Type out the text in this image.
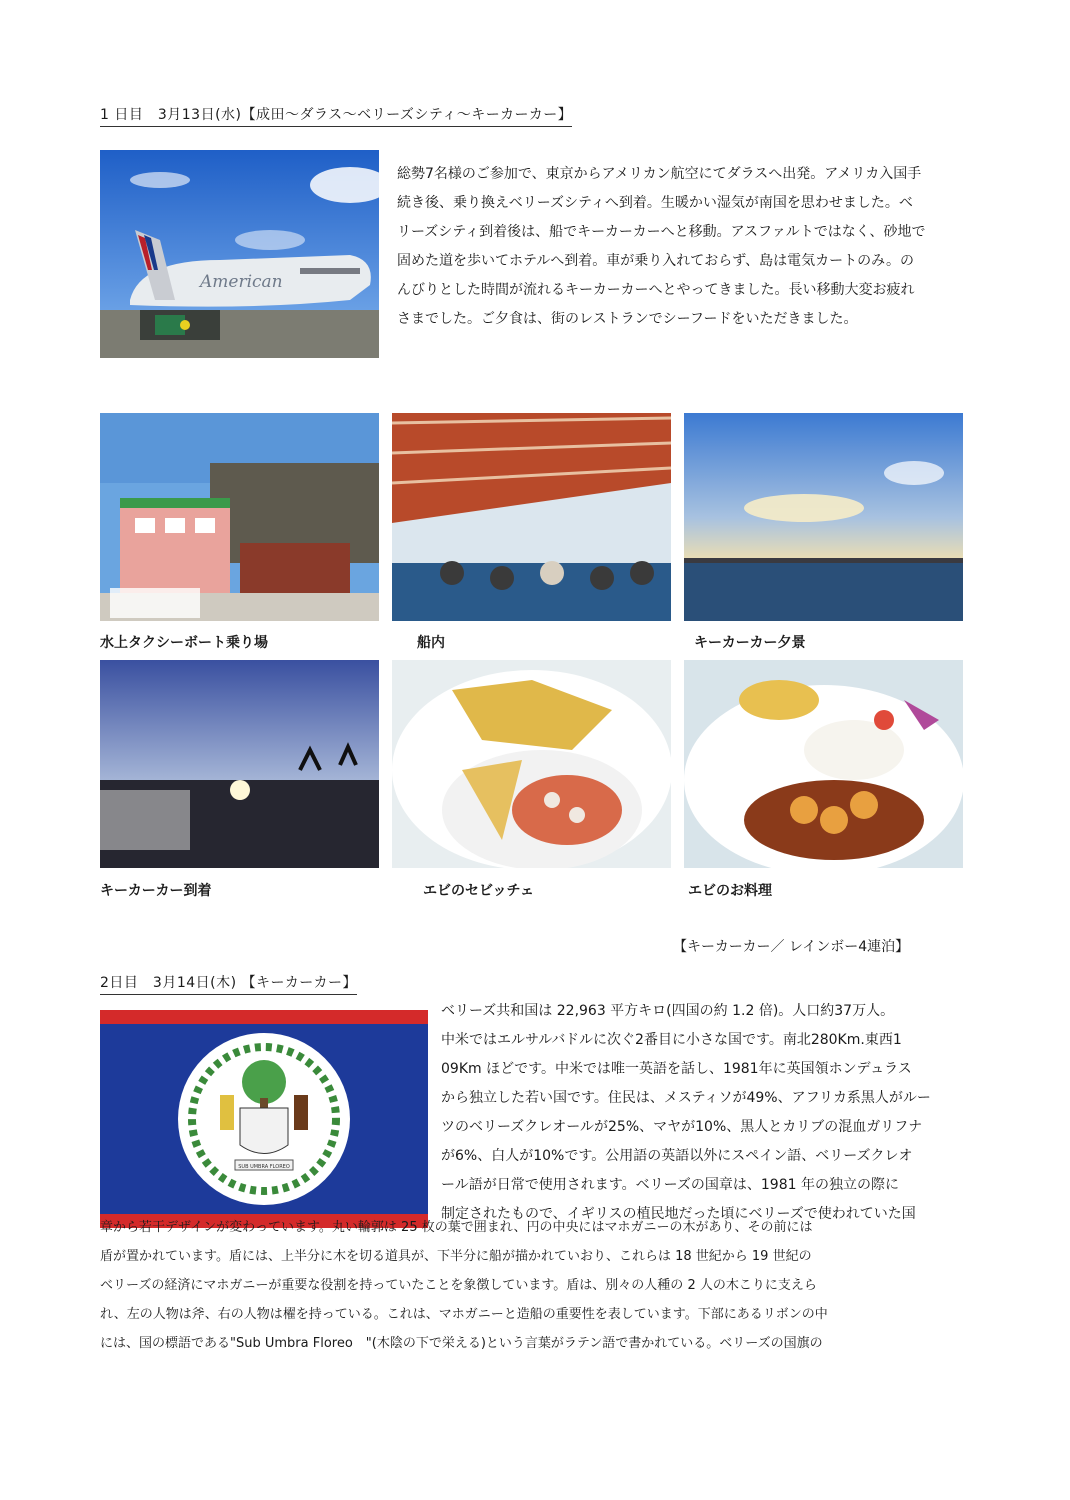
1 日目　3月13日(水)【成田～ダラス～ベリーズシティ～キーカーカー】
American

総勢7名様のご参加で、東京からアメリカン航空にてダラスへ出発。アメリカ入国手
続き後、乗り換えベリーズシティへ到着。生暖かい湿気が南国を思わせました。ベ
リーズシティ到着後は、船でキーカーカーへと移動。アスファルトではなく、砂地で
固めた道を歩いてホテルへ到着。車が乗り入れておらず、島は電気カートのみ。の
んびりとした時間が流れるキーカーカーへとやってきました。長い移動大変お疲れ
さまでした。ご夕食は、街のレストランでシーフードをいただきました。

水上タクシーボート乗り場	船内	キーカーカー夕景
キーカーカー到着	エビのセビッチェ	エビのお料理
【キーカーカー／ レインボー4連泊】
2日目　3月14日(木) 【キーカーカー】
SUB UMBRA FLOREO

ベリーズ共和国は 22,963 平方キロ(四国の約 1.2 倍)。人口約37万人。
中米ではエルサルバドルに次ぐ2番目に小さな国です。南北280Km.東西1
09Km ほどです。中米では唯一英語を話し、1981年に英国領ホンデュラス
から独立した若い国です。住民は、メスティソが49%、アフリカ系黒人がルー
ツのベリーズクレオールが25%、マヤが10%、黒人とカリブの混血ガリフナ
が6%、白人が10%です。公用語の英語以外にスペイン語、ベリーズクレオ
ール語が日常で使用されます。ベリーズの国章は、1981 年の独立の際に
制定されたもので、イギリスの植民地だった頃にベリーズで使われていた国

章から若干デザインが変わっています。丸い輪郭は 25 枚の葉で囲まれ、円の中央にはマホガニーの木があり、その前には
盾が置かれています。盾には、上半分に木を切る道具が、下半分に船が描かれていおり、これらは 18 世紀から 19 世紀の
ベリーズの経済にマホガニーが重要な役割を持っていたことを象徴しています。盾は、別々の人種の 2 人の木こりに支えら
れ、左の人物は斧、右の人物は櫂を持っている。これは、マホガニーと造船の重要性を表しています。下部にあるリボンの中
には、国の標語である"Sub Umbra Floreo　"(木陰の下で栄える)という言葉がラテン語で書かれている。ベリーズの国旗の
